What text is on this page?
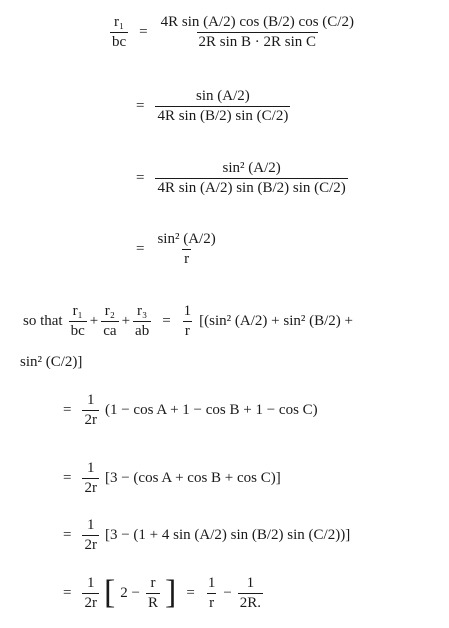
$\frac{\text{r₁}}{bc} = \frac{\text{4R sin (A/2) cos (B/2) cos (C/2)}}{\text{2R sin B · 2R sin C}}$
= $\frac{\sin (A/2)}{\text{4R sin (B/2) sin (C/2)}}$
= $\frac{\text{sin² (A/2)}}{\text{4R sin (A/2) sin (B/2) sin (C/2)}}$
= $\frac{\text{sin² (A/2)}}{r}$
so that $\frac{\text{r₁}}{bc} + \frac{\text{r₂}}{ca} + \frac{\text{r₃}}{ab} = \frac{1}{r} [(\sin^2$ (A/2) + sin² (B/2) +
sin² (C/2)]
= $\frac{1}{2r} (1 - \cos A + 1 - \cos B + 1 - \cos C)$
= $\frac{1}{2r} [3 - (\cos$ A + cos B + cos C)]
= $\frac{1}{2r} [3 - (1 + 4$ sin (A/2) sin (B/2) sin (C/2))]
= $\frac{1}{2r}$ [ $2 - \frac{r}{R}$ ] = $\frac{1}{r} - \frac{1}{2R.}$
